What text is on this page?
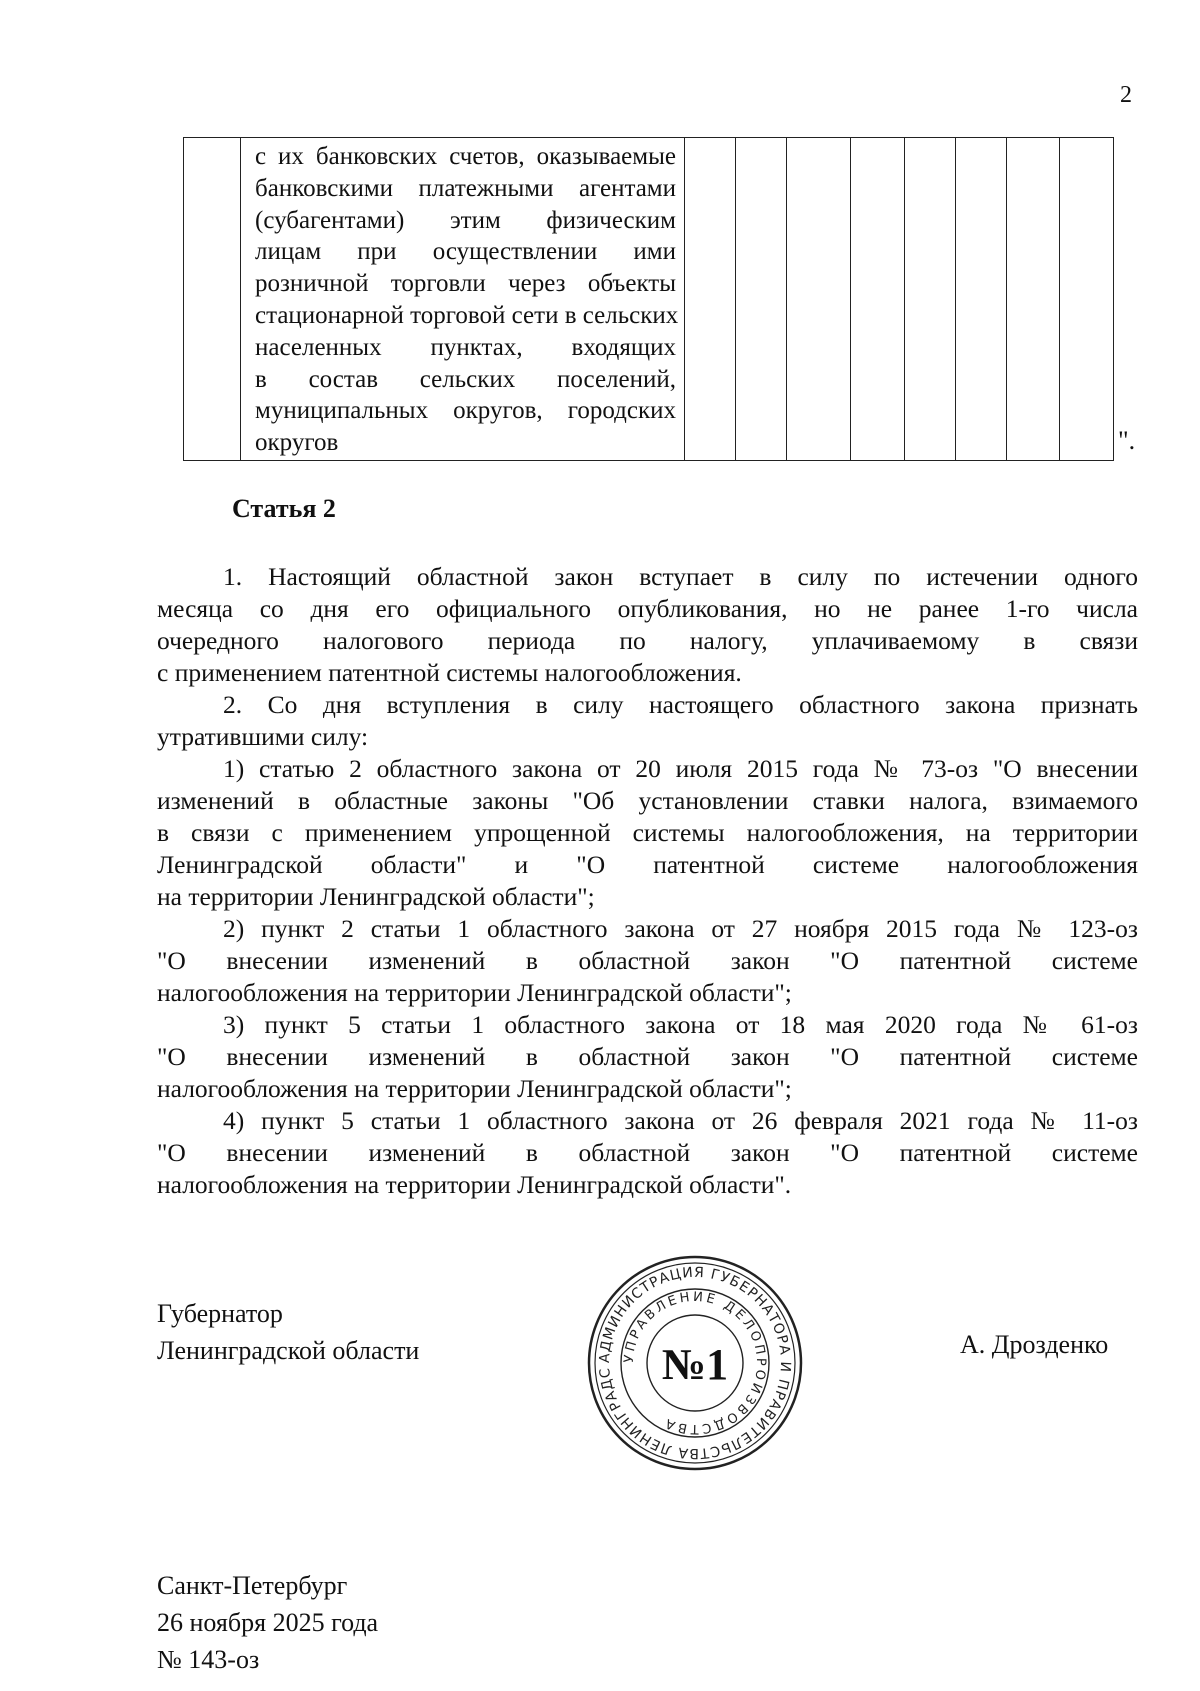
2

с их банковских счетов, оказываемые
банковскими платежными агентами
(субагентами) этим физическим
лицам при осуществлении ими
розничной торговли через объекты
стационарной торговой сети в сельских
населенных пунктах, входящих
в состав сельских поселений,
муниципальных округов, городских
округов
									".
Статья 2
1. Настоящий областной закон вступает в силу по истечении одного
месяца со дня его официального опубликования, но не ранее 1-го числа
очередного налогового периода по налогу, уплачиваемому в связи
с применением патентной системы налогообложения.
2. Со дня вступления в силу настоящего областного закона признать
утратившими силу:
1) статью 2 областного закона от 20 июля 2015 года № 73-оз "О внесении
изменений в областные законы "Об установлении ставки налога, взимаемого
в связи с применением упрощенной системы налогообложения, на территории
Ленинградской области" и "О патентной системе налогообложения
на территории Ленинградской области";
2) пункт 2 статьи 1 областного закона от 27 ноября 2015 года № 123-оз
"О внесении изменений в областной закон "О патентной системе
налогообложения на территории Ленинградской области";
3) пункт 5 статьи 1 областного закона от 18 мая 2020 года № 61-оз
"О внесении изменений в областной закон "О патентной системе
налогообложения на территории Ленинградской области";
4) пункт 5 статьи 1 областного закона от 26 февраля 2021 года № 11-оз
"О внесении изменений в областной закон "О патентной системе
налогообложения на территории Ленинградской области".
Губернатор
Ленинградской области	АДМИНИСТРАЦИЯ ГУБЕРНАТОРА И ПРАВИТЕЛЬСТВА ЛЕНИНГРАДС
УПРАВЛЕНИЕ ДЕЛОПРОИЗВОДСТВА
№1	А. Дрозденко
Санкт-Петербург
26 ноября 2025 года
№ 143-оз
